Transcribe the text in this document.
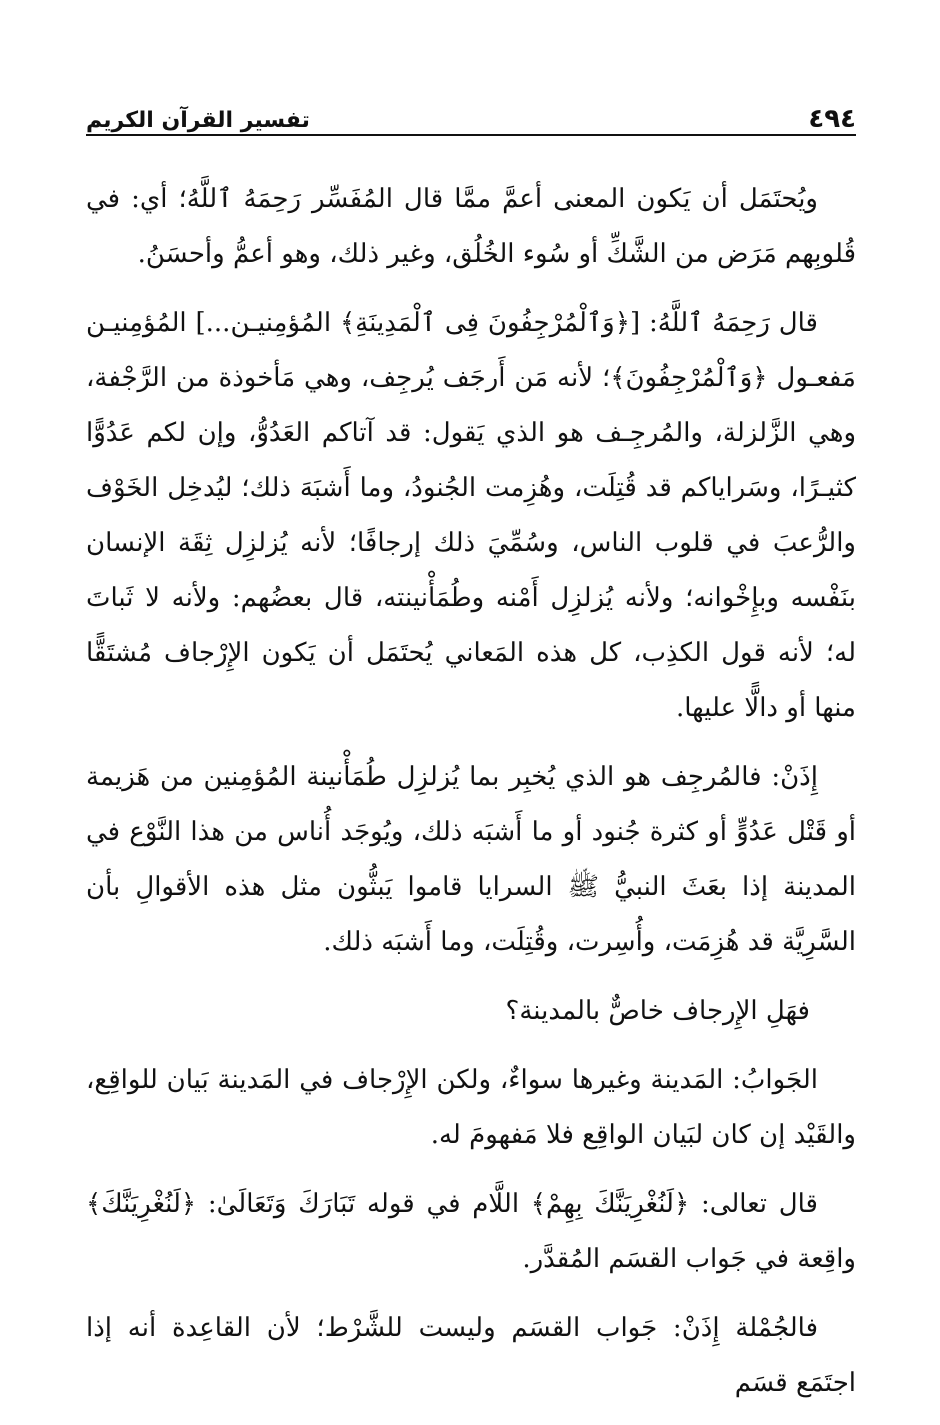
٤٩٤
تفسير القرآن الكريم

ويُحتَمَل أن يَكون المعنى أعمَّ ممَّا قال المُفَسِّر رَحِمَهُ ٱللَّهُ؛ أي: في قُلوبِهم مَرَض من الشَّكِّ أو سُوء الخُلُق، وغير ذلك، وهو أعمُّ وأحسَنُ.

قال رَحِمَهُ ٱللَّهُ: [﴿وَٱلْمُرْجِفُونَ فِى ٱلْمَدِينَةِ﴾ المُؤمِنيـن...] المُؤمِنيـن مَفعـول ﴿وَٱلْمُرْجِفُونَ﴾؛ لأنه مَن أَرجَف يُرجِف، وهي مَأخوذة من الرَّجْفة، وهي الزَّلزلة، والمُرجِـف هو الذي يَقول: قد آتاكم العَدُوُّ، وإن لكم عَدُوًّا كثيـرًا، وسَراياكم قد قُتِلَت، وهُزِمت الجُنودُ، وما أَشبَهَ ذلك؛ ليُدخِل الخَوْف والرُّعبَ في قلوب الناس، وسُمِّيَ ذلك إرجافًا؛ لأنه يُزلزِل ثِقَة الإنسان بنَفْسه وبإِخْوانه؛ ولأنه يُزلزِل أَمْنه وطُمَأْنينته، قال بعضُهم: ولأنه لا ثَباتَ له؛ لأنه قول الكذِب، كل هذه المَعاني يُحتَمَل أن يَكون الإِرْجاف مُشتَقًّا منها أو دالًّا عليها.

إِذَنْ: فالمُرجِف هو الذي يُخبِر بما يُزلزِل طُمَأْنينة المُؤمِنين من هَزيمة أو قَتْل عَدُوٍّ أو كثرة جُنود أو ما أَشبَه ذلك، ويُوجَد أُناس من هذا النَّوْع في المدينة إذا بعَثَ النبيُّ ﷺ السرايا قاموا يَبثُّون مثل هذه الأقوالِ بأن السَّرِيَّة قد هُزِمَت، وأُسِرت، وقُتِلَت، وما أَشبَه ذلك.

فهَلِ الإِرجاف خاصٌّ بالمدينة؟

الجَوابُ: المَدينة وغيرها سواءٌ، ولكن الإِرْجاف في المَدينة بَيان للواقِع، والقَيْد إن كان لبَيان الواقِع فلا مَفهومَ له.

قال تعالى: ﴿لَنُغْرِيَنَّكَ بِهِمْ﴾ اللَّام في قوله تَبَارَكَ وَتَعَالَىٰ: ﴿لَنُغْرِيَنَّكَ﴾ واقِعة في جَواب القسَم المُقدَّر.

فالجُمْلة إِذَنْ: جَواب القسَم وليست للشَّرْط؛ لأن القاعِدة أنه إذا اجتَمَع قسَم
